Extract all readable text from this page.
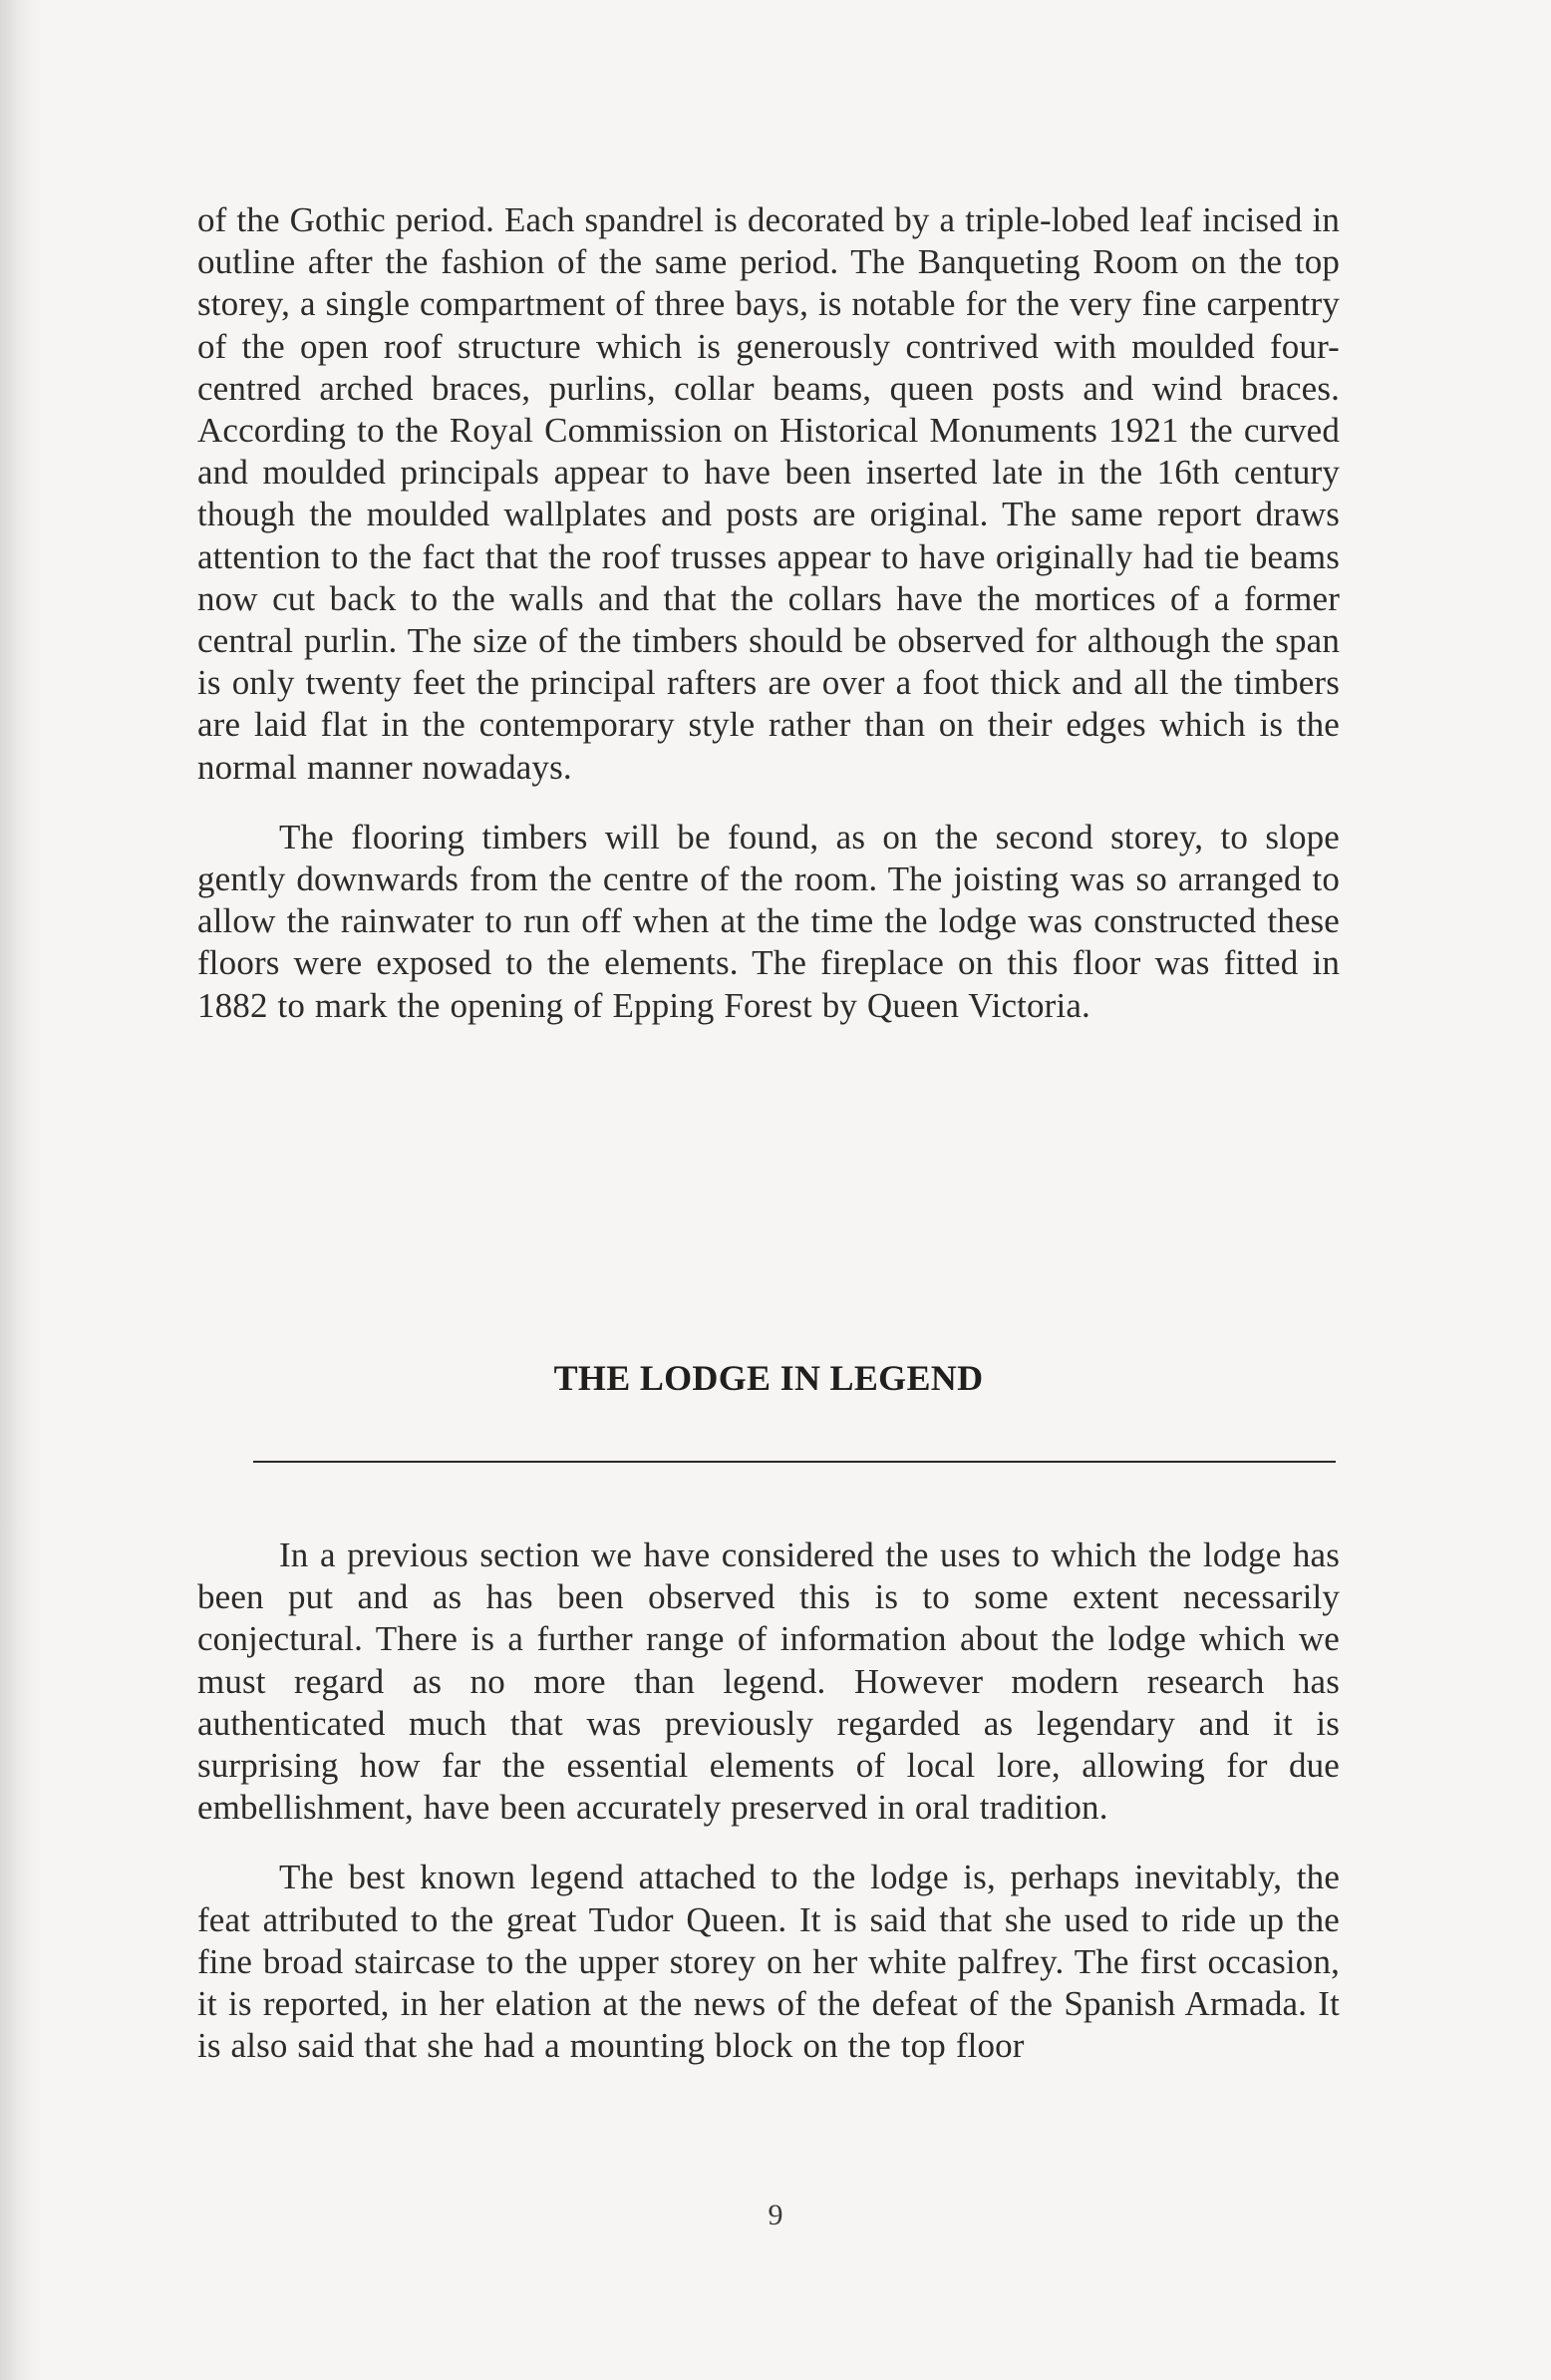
of the Gothic period. Each spandrel is decorated by a triple-lobed leaf incised in outline after the fashion of the same period. The Banqueting Room on the top storey, a single compartment of three bays, is notable for the very fine carpentry of the open roof structure which is generously contrived with moulded four-centred arched braces, purlins, collar beams, queen posts and wind braces. According to the Royal Commission on Historical Monuments 1921 the curved and moulded principals appear to have been inserted late in the 16th century though the moulded wallplates and posts are original. The same report draws attention to the fact that the roof trusses appear to have originally had tie beams now cut back to the walls and that the collars have the mortices of a former central purlin. The size of the timbers should be observed for although the span is only twenty feet the principal rafters are over a foot thick and all the timbers are laid flat in the contemporary style rather than on their edges which is the normal manner nowadays.

The flooring timbers will be found, as on the second storey, to slope gently downwards from the centre of the room. The joisting was so arranged to allow the rainwater to run off when at the time the lodge was constructed these floors were exposed to the elements. The fireplace on this floor was fitted in 1882 to mark the opening of Epping Forest by Queen Victoria.

THE LODGE IN LEGEND

In a previous section we have considered the uses to which the lodge has been put and as has been observed this is to some extent necessarily conjectural. There is a further range of information about the lodge which we must regard as no more than legend. However modern research has authenticated much that was previously regarded as legendary and it is surprising how far the essential elements of local lore, allowing for due embellishment, have been accurately preserved in oral tradition.

The best known legend attached to the lodge is, perhaps inevitably, the feat attributed to the great Tudor Queen. It is said that she used to ride up the fine broad staircase to the upper storey on her white palfrey. The first occasion, it is reported, in her elation at the news of the defeat of the Spanish Armada. It is also said that she had a mounting block on the top floor

9
